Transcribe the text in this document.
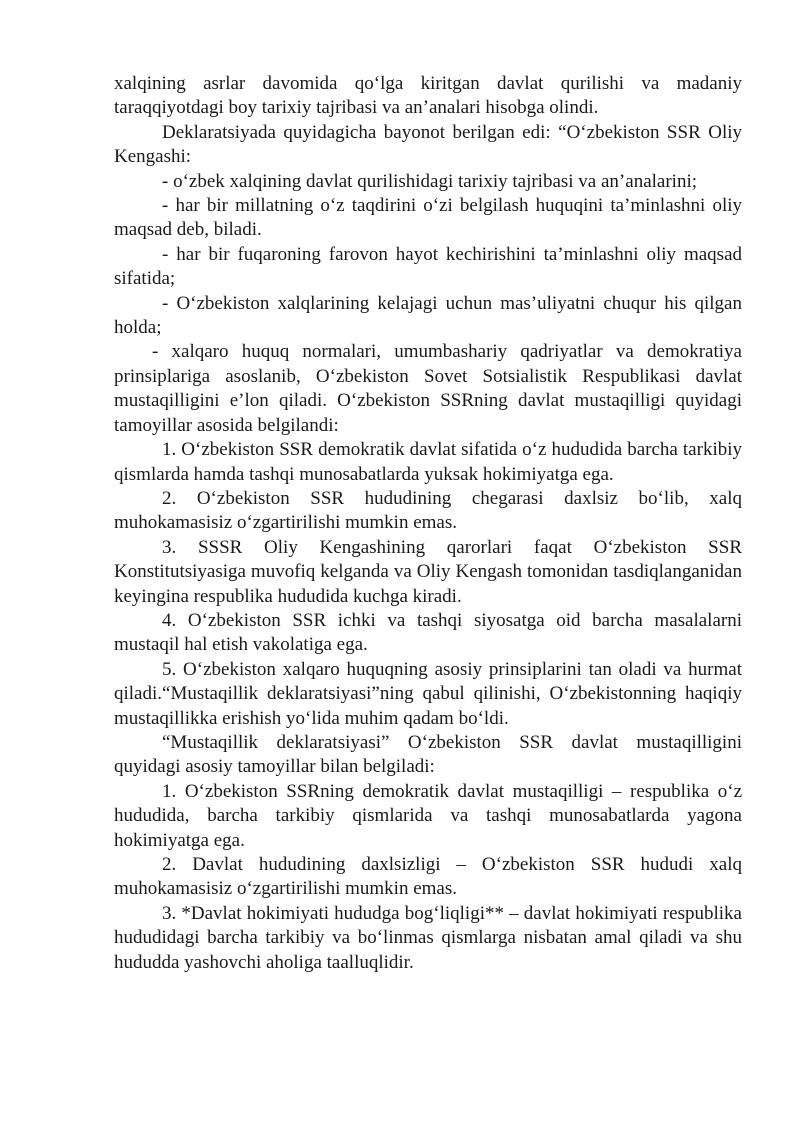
xalqining asrlar davomida qo‘lga kiritgan davlat qurilishi va madaniy taraqqiyotdagi boy tarixiy tajribasi va an’analari hisobga olindi.

Deklaratsiyada quyidagicha bayonot berilgan edi: “O‘zbekiston SSR Oliy Kengashi:

- o‘zbek xalqining davlat qurilishidagi tarixiy tajribasi va an’analarini;

- har bir millatning o‘z taqdirini o‘zi belgilash huquqini ta’minlashni oliy maqsad deb, biladi.

- har bir fuqaroning farovon hayot kechirishini ta’minlashni oliy maqsad sifatida;

- O‘zbekiston xalqlarining kelajagi uchun mas’uliyatni chuqur his qilgan holda;

- xalqaro huquq normalari, umumbashariy qadriyatlar va demokratiya prinsiplariga asoslanib, O‘zbekiston Sovet Sotsialistik Respublikasi davlat mustaqilligini e’lon qiladi. O‘zbekiston SSRning davlat mustaqilligi quyidagi tamoyillar asosida belgilandi:

1. O‘zbekiston SSR demokratik davlat sifatida o‘z hududida barcha tarkibiy qismlarda hamda tashqi munosabatlarda yuksak hokimiyatga ega.

2. O‘zbekiston SSR hududining chegarasi daxlsiz bo‘lib, xalq muhokamasisiz o‘zgartirilishi mumkin emas.

3. SSSR Oliy Kengashining qarorlari faqat O‘zbekiston SSR Konstitutsiyasiga muvofiq kelganda va Oliy Kengash tomonidan tasdiqlanganidan keyingina respublika hududida kuchga kiradi.

4. O‘zbekiston SSR ichki va tashqi siyosatga oid barcha masalalarni mustaqil hal etish vakolatiga ega.

5. O‘zbekiston xalqaro huquqning asosiy prinsiplarini tan oladi va hurmat qiladi.“Mustaqillik deklaratsiyasi”ning qabul qilinishi, O‘zbekistonning haqiqiy mustaqillikka erishish yo‘lida muhim qadam bo‘ldi.

“Mustaqillik deklaratsiyasi” O‘zbekiston SSR davlat mustaqilligini quyidagi asosiy tamoyillar bilan belgiladi:

1. O‘zbekiston SSRning demokratik davlat mustaqilligi – respublika o‘z hududida, barcha tarkibiy qismlarida va tashqi munosabatlarda yagona hokimiyatga ega.

2. Davlat hududining daxlsizligi – O‘zbekiston SSR hududi xalq muhokamasisiz o‘zgartirilishi mumkin emas.

3. *Davlat hokimiyati hududga bog‘liqligi** – davlat hokimiyati respublika hududidagi barcha tarkibiy va bo‘linmas qismlarga nisbatan amal qiladi va shu hududda yashovchi aholiga taalluqlidir.
